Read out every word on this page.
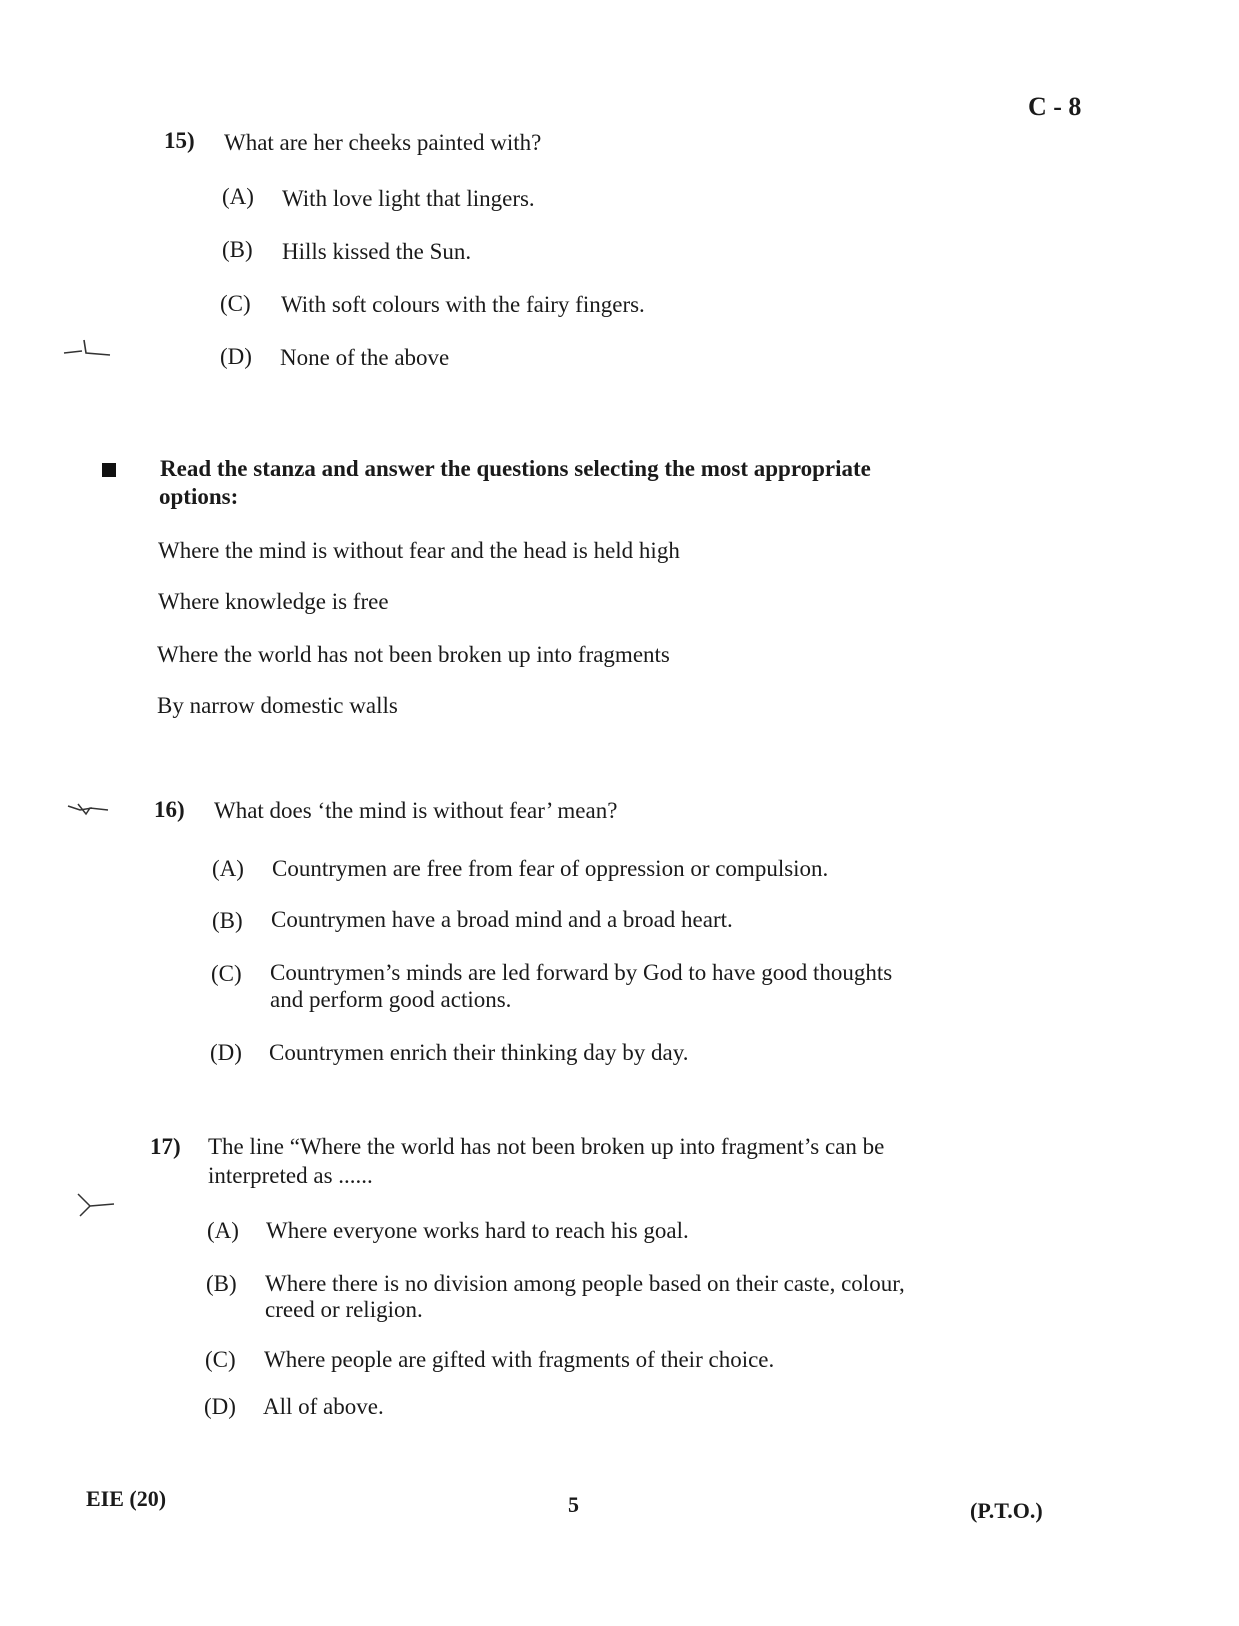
C - 8
15) What are her cheeks painted with?
(A) With love light that lingers.
(B) Hills kissed the Sun.
(C) With soft colours with the fairy fingers.
(D) None of the above
Read the stanza and answer the questions selecting the most appropriate
options:
Where the mind is without fear and the head is held high
Where knowledge is free
Where the world has not been broken up into fragments
By narrow domestic walls
16) What does ‘the mind is without fear’ mean?
(A) Countrymen are free from fear of oppression or compulsion.
(B) Countrymen have a broad mind and a broad heart.
(C) Countrymen’s minds are led forward by God to have good thoughts
and perform good actions.
(D) Countrymen enrich their thinking day by day.
17) The line “Where the world has not been broken up into fragment’s can be
interpreted as ......
(A) Where everyone works hard to reach his goal.
(B) Where there is no division among people based on their caste, colour,
creed or religion.
(C) Where people are gifted with fragments of their choice.
(D) All of above.
EIE (20)	5	(P.T.O.)
